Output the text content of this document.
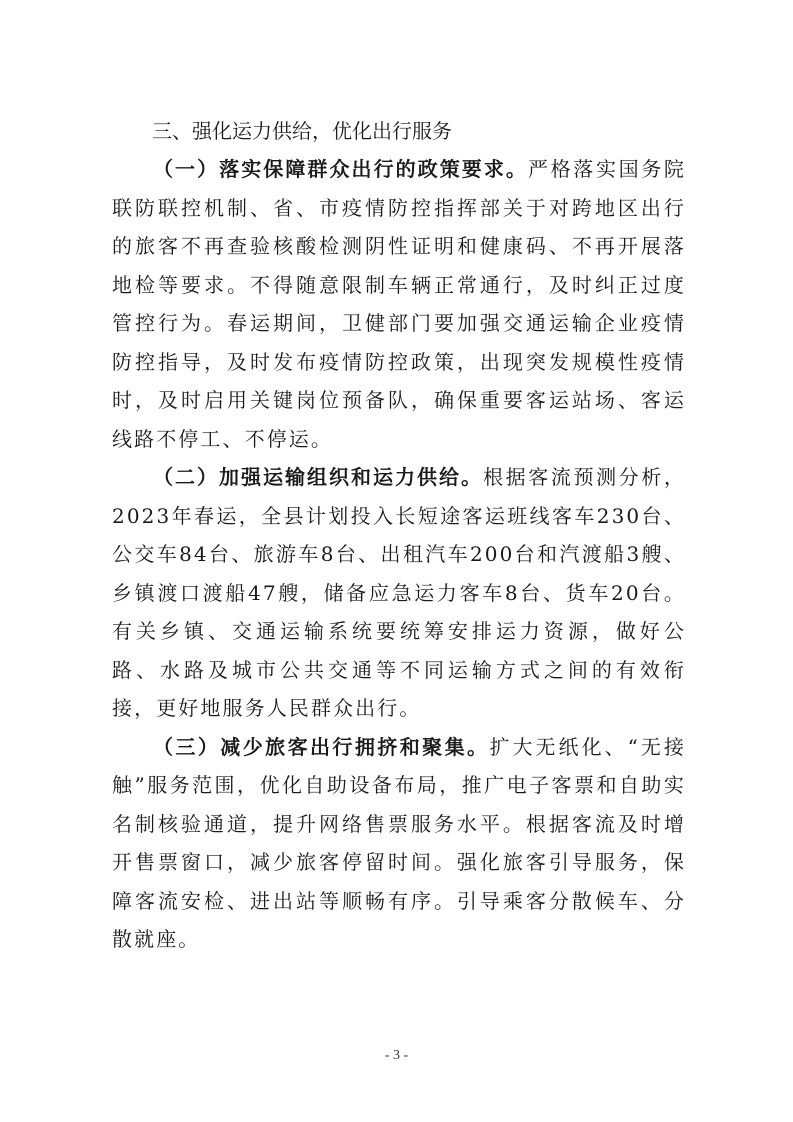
三、强化运力供给，优化出行服务

（一）落实保障群众出行的政策要求。严格落实国务院联防联控机制、省、市疫情防控指挥部关于对跨地区出行的旅客不再查验核酸检测阴性证明和健康码、不再开展落地检等要求。不得随意限制车辆正常通行，及时纠正过度管控行为。春运期间，卫健部门要加强交通运输企业疫情防控指导，及时发布疫情防控政策，出现突发规模性疫情时，及时启用关键岗位预备队，确保重要客运站场、客运线路不停工、不停运。

（二）加强运输组织和运力供给。根据客流预测分析，2023年春运，全县计划投入长短途客运班线客车230台、公交车84台、旅游车8台、出租汽车200台和汽渡船3艘、乡镇渡口渡船47艘，储备应急运力客车8台、货车20台。有关乡镇、交通运输系统要统筹安排运力资源，做好公路、水路及城市公共交通等不同运输方式之间的有效衔接，更好地服务人民群众出行。

（三）减少旅客出行拥挤和聚集。扩大无纸化、“无接触”服务范围，优化自助设备布局，推广电子客票和自助实名制核验通道，提升网络售票服务水平。根据客流及时增开售票窗口，减少旅客停留时间。强化旅客引导服务，保障客流安检、进出站等顺畅有序。引导乘客分散候车、分散就座。

- 3 -
